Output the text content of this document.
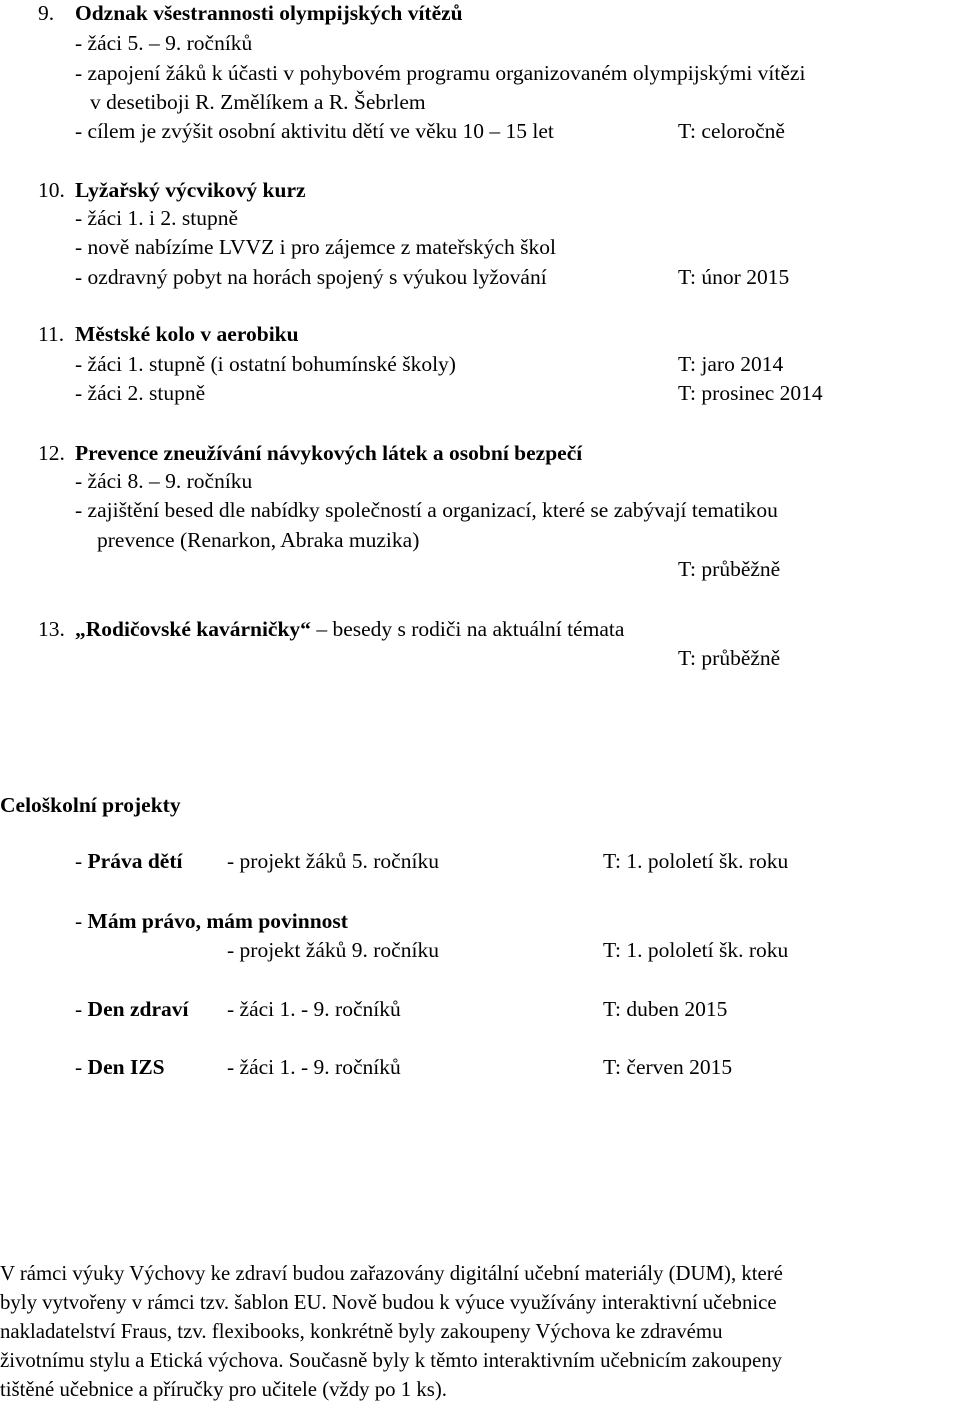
9. Odznak všestrannosti olympijských vítězů
- žáci 5. – 9. ročníků
- zapojení žáků k účasti v pohybovém programu organizovaném olympijskými vítězi
v desetiboji R. Změlíkem a R. Šebrlem
- cílem je zvýšit osobní aktivitu dětí ve věku 10 – 15 let	T: celoročně
10. Lyžařský výcvikový kurz
- žáci 1. i 2. stupně
- nově nabízíme LVVZ i pro zájemce z mateřských škol
- ozdravný pobyt na horách spojený s výukou lyžování	T: únor 2015
11. Městské kolo v aerobiku
- žáci 1. stupně (i ostatní bohumínské školy)	T: jaro 2014
- žáci 2. stupně	T: prosinec 2014
12. Prevence zneužívání návykových látek a osobní bezpečí
- žáci 8. – 9. ročníku
- zajištění besed dle nabídky společností a organizací, které se zabývají tematikou
prevence (Renarkon, Abraka muzika)
T: průběžně
13. „Rodičovské kavárničky“ – besedy s rodiči na aktuální témata
T: průběžně
Celoškolní projekty
- Práva dětí - projekt žáků 5. ročníku	T: 1. pololetí šk. roku
- Mám právo, mám povinnost
- projekt žáků 9. ročníku	T: 1. pololetí šk. roku
- Den zdraví - žáci 1. - 9. ročníků	T: duben 2015
- Den IZS	- žáci 1. - 9. ročníků	T: červen 2015
V rámci výuky Výchovy ke zdraví budou zařazovány digitální učební materiály (DUM), které
byly vytvořeny v rámci tzv. šablon EU. Nově budou k výuce využívány interaktivní učebnice
nakladatelství Fraus, tzv. flexibooks, konkrétně byly zakoupeny Výchova ke zdravému
životnímu stylu a Etická výchova. Současně byly k těmto interaktivním učebnicím zakoupeny
tištěné učebnice a příručky pro učitele (vždy po 1 ks).
